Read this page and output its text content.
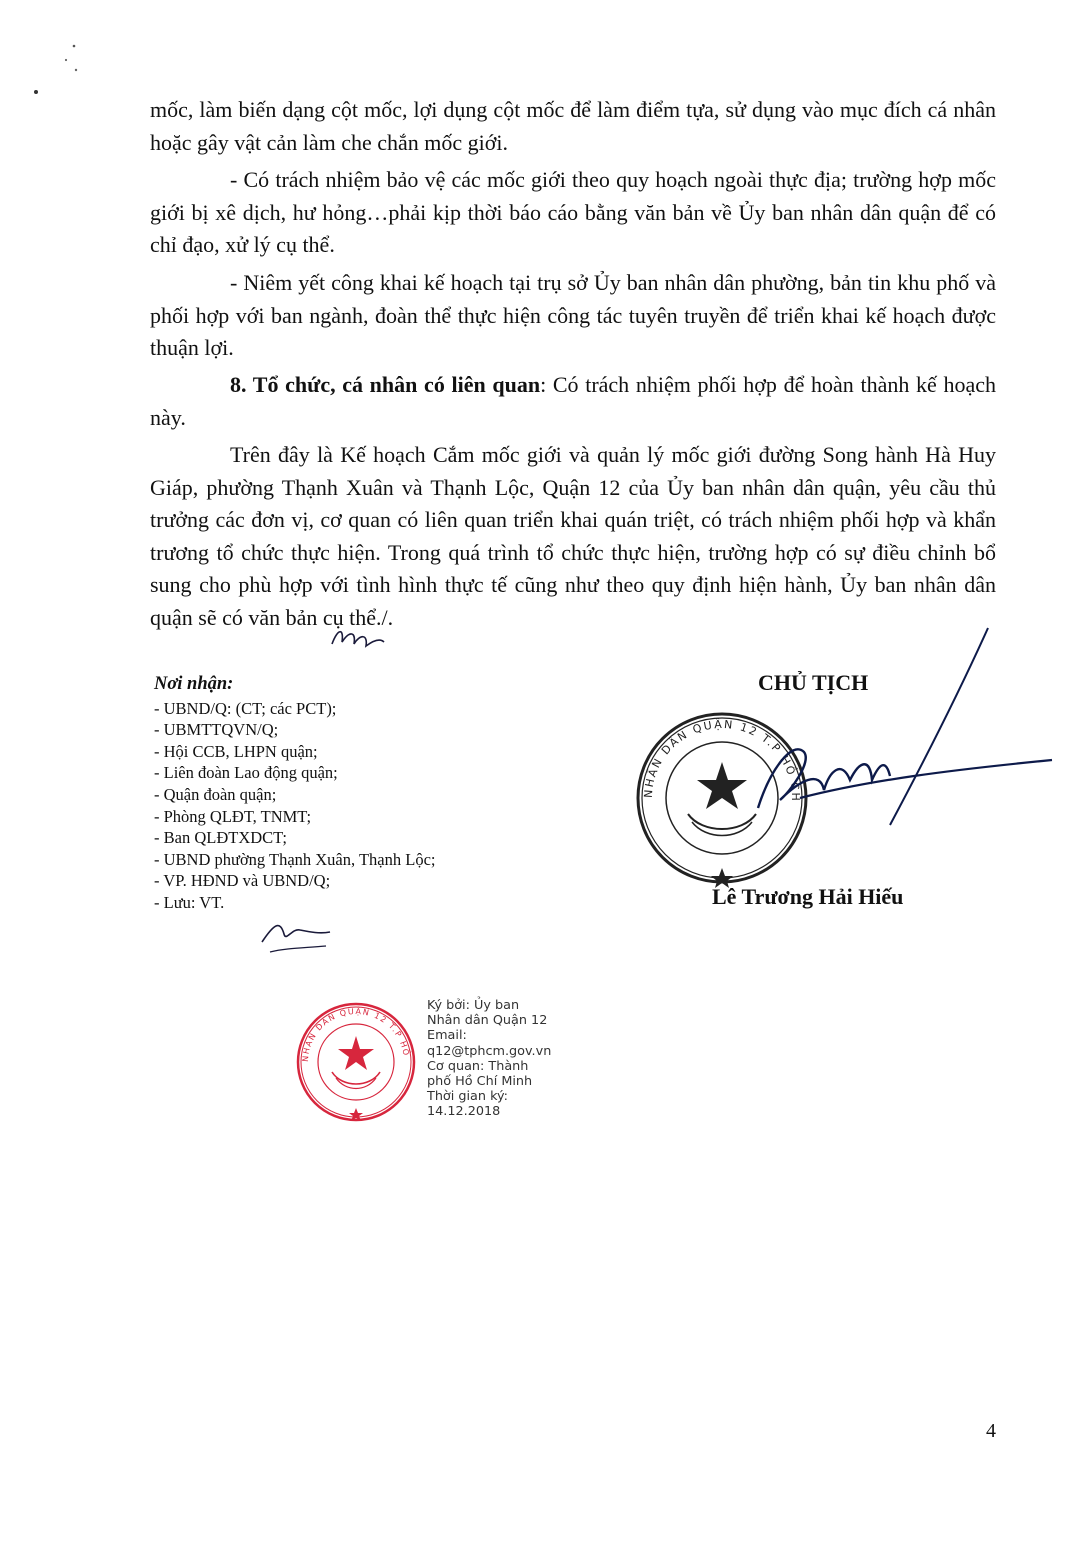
mốc, làm biến dạng cột mốc, lợi dụng cột mốc để làm điểm tựa, sử dụng vào mục đích cá nhân hoặc gây vật cản làm che chắn mốc giới.

- Có trách nhiệm bảo vệ các mốc giới theo quy hoạch ngoài thực địa; trường hợp mốc giới bị xê dịch, hư hỏng…phải kịp thời báo cáo bằng văn bản về Ủy ban nhân dân quận để có chỉ đạo, xử lý cụ thể.

- Niêm yết công khai kế hoạch tại trụ sở Ủy ban nhân dân phường, bản tin khu phố và phối hợp với ban ngành, đoàn thể thực hiện công tác tuyên truyền để triển khai kế hoạch được thuận lợi.

8. Tổ chức, cá nhân có liên quan: Có trách nhiệm phối hợp để hoàn thành kế hoạch này.

Trên đây là Kế hoạch Cắm mốc giới và quản lý mốc giới đường Song hành Hà Huy Giáp, phường Thạnh Xuân và Thạnh Lộc, Quận 12 của Ủy ban nhân dân quận, yêu cầu thủ trưởng các đơn vị, cơ quan có liên quan triển khai quán triệt, có trách nhiệm phối hợp và khẩn trương tổ chức thực hiện. Trong quá trình tổ chức thực hiện, trường hợp có sự điều chỉnh bổ sung cho phù hợp với tình hình thực tế cũng như theo quy định hiện hành, Ủy ban nhân dân quận sẽ có văn bản cụ thể./.

Nơi nhận:
- UBND/Q: (CT; các PCT);
- UBMTTQVN/Q;
- Hội CCB, LHPN quận;
- Liên đoàn Lao động quận;
- Quận đoàn quận;
- Phòng QLĐT, TNMT;
- Ban QLĐTXDCT;
- UBND phường Thạnh Xuân, Thạnh Lộc;
- VP. HĐND và UBND/Q;
- Lưu: VT.
CHỦ TỊCH
NHÂN DÂN QUẬN 12 T.P HỒ CHÍ MINH
Lê Trương Hải Hiếu
NHÂN DÂN QUẬN 12 T.P HỒ CHÍ MINH
Ký bởi: Ủy ban
Nhân dân Quận 12
Email:
q12@tphcm.gov.vn
Cơ quan: Thành
phố Hồ Chí Minh
Thời gian ký:
14.12.2018
4
